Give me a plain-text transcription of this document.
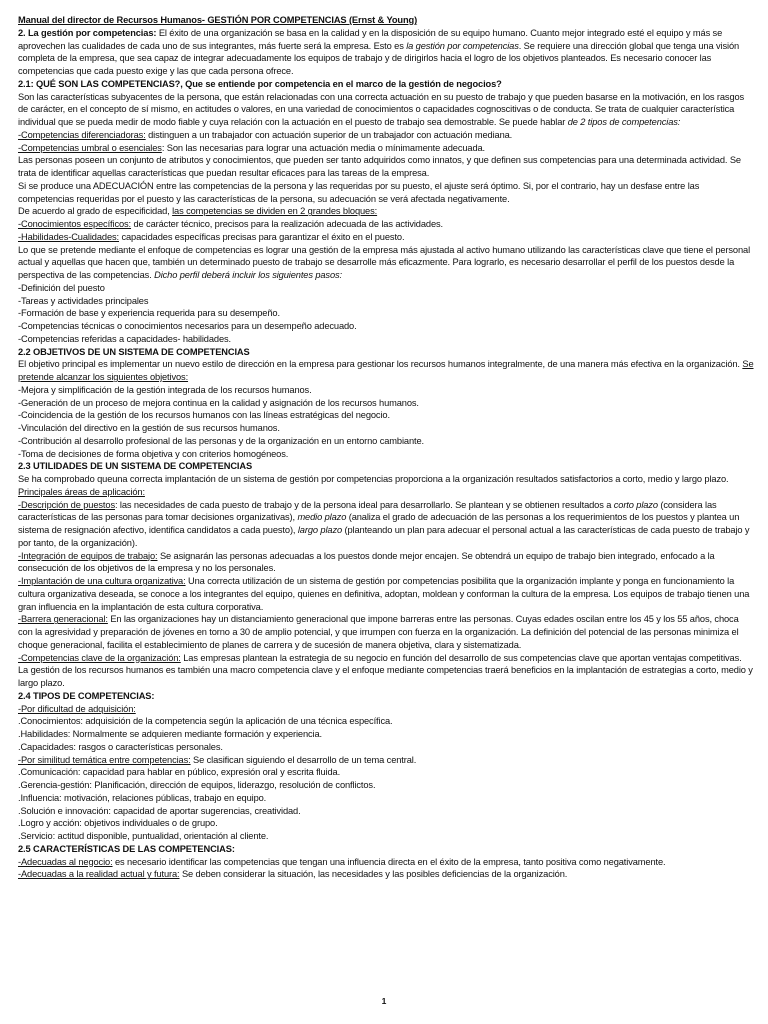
Manual del director de Recursos Humanos- GESTIÓN POR COMPETENCIAS (Ernst & Young)

2. La gestión por competencias: El éxito de una organización se basa en la calidad y en la disposición de su equipo humano. Cuanto mejor integrado esté el equipo y más se aprovechen las cualidades de cada uno de sus integrantes, más fuerte será la empresa. Esto es la gestión por competencias. Se requiere una dirección global que tenga una visión completa de la empresa, que sea capaz de integrar adecuadamente los equipos de trabajo y de dirigirlos hacia el logro de los objetivos planteados. Es necesario conocer las competencias que cada puesto exige y las que cada persona ofrece.

2.1: QUÉ SON LAS COMPETENCIAS?, Que se entiende por competencia en el marco de la gestión de negocios?

Son las características subyacentes de la persona, que están relacionadas con una correcta actuación en su puesto de trabajo y que pueden basarse en la motivación, en los rasgos de carácter, en el concepto de sí mismo, en actitudes o valores, en una variedad de conocimientos o capacidades cognoscitivas o de conducta. Se trata de cualquier característica individual que se pueda medir de modo fiable y cuya relación con la actuación en el puesto de trabajo sea demostrable. Se puede hablar de 2 tipos de competencias:

-Competencias diferenciadoras: distinguen a un trabajador con actuación superior de un trabajador con actuación mediana.

-Competencias umbral o esenciales: Son las necesarias para lograr una actuación media o mínimamente adecuada.

Las personas poseen un conjunto de atributos y conocimientos, que pueden ser tanto adquiridos como innatos, y que definen sus competencias para una determinada actividad. Se trata de identificar aquellas características que puedan resultar eficaces para las tareas de la empresa.

Si se produce una ADECUACIÓN entre las competencias de la persona y las requeridas por su puesto, el ajuste será óptimo. Si, por el contrario, hay un desfase entre las competencias requeridas por el puesto y las características de la persona, su adecuación se verá afectada negativamente.

De acuerdo al grado de especificidad, las competencias se dividen en 2 grandes bloques:

-Conocimientos específicos: de carácter técnico, precisos para la realización adecuada de las actividades.

-Habilidades-Cualidades: capacidades específicas precisas para garantizar el éxito en el puesto.

Lo que se pretende mediante el enfoque de competencias es lograr una gestión de la empresa más ajustada al activo humano utilizando las características clave que tiene el personal actual y aquellas que hacen que, también un determinado puesto de trabajo se desarrolle más eficazmente. Para lograrlo, es necesario desarrollar el perfil de los puestos desde la perspectiva de las competencias. Dicho perfil deberá incluir los siguientes pasos:

-Definición del puesto

-Tareas y actividades principales

-Formación de base y experiencia requerida para su desempeño.

-Competencias técnicas o conocimientos necesarios para un desempeño adecuado.

-Competencias referidas a capacidades- habilidades.

2.2 OBJETIVOS DE UN SISTEMA DE COMPETENCIAS

El objetivo principal es implementar un nuevo estilo de dirección en la empresa para gestionar los recursos humanos integralmente, de una manera más efectiva en la organización. Se pretende alcanzar los siguientes objetivos:

-Mejora y simplificación de la gestión integrada de los recursos humanos.

-Generación de un proceso de mejora continua en la calidad y asignación de los recursos humanos.

-Coincidencia de la gestión de los recursos humanos con las líneas estratégicas del negocio.

-Vinculación del directivo en la gestión de sus recursos humanos.

-Contribución al desarrollo profesional de las personas y de la organización en un entorno cambiante.

-Toma de decisiones de forma objetiva y con criterios homogéneos.

2.3 UTILIDADES DE UN SISTEMA DE COMPETENCIAS

Se ha comprobado queuna correcta implantación de un sistema de gestión por competencias proporciona a la organización resultados satisfactorios a corto, medio y largo plazo. Principales áreas de aplicación:

-Descripción de puestos: las necesidades de cada puesto de trabajo y de la persona ideal para desarrollarlo. Se plantean y se obtienen resultados a corto plazo (considera las características de las personas para tomar decisiones organizativas), medio plazo (analiza el grado de adecuación de las personas a los requerimientos de los puestos y plantea un sistema de resignación afectivo, identifica candidatos a cada puesto), largo plazo (planteando un plan para adecuar el personal actual a las características de cada puesto de trabajo y por tanto, de la organización).

-Integración de equipos de trabajo: Se asignarán las personas adecuadas a los puestos donde mejor encajen. Se obtendrá un equipo de trabajo bien integrado, enfocado a la consecución de los objetivos de la empresa y no los personales.

-Implantación de una cultura organizativa: Una correcta utilización de un sistema de gestión por competencias posibilita que la organización implante y ponga en funcionamiento la cultura organizativa deseada, se conoce a los integrantes del equipo, quienes en definitiva, adoptan, moldean y conforman la cultura de la empresa. Los equipos de trabajo tienen una gran influencia en la implantación de esta cultura corporativa.

-Barrera generacional: En las organizaciones hay un distanciamiento generacional que impone barreras entre las personas. Cuyas edades oscilan entre los 45 y los 55 años, choca con la agresividad y preparación de jóvenes en torno a 30 de amplio potencial, y que irrumpen con fuerza en la organización. La definición del potencial de las personas minimiza el choque generacional, facilita el establecimiento de planes de carrera y de sucesión de manera objetiva, clara y sistematizada.

-Competencias clave de la organización: Las empresas plantean la estrategia de su negocio en función del desarrollo de sus competencias clave que aportan ventajas competitivas. La gestión de los recursos humanos es también una macro competencia clave y el enfoque mediante competencias traerá beneficios en la implantación de estrategias a corto, medio y largo plazo.

2.4 TIPOS DE COMPETENCIAS:

-Por dificultad de adquisición:

.Conocimientos: adquisición de la competencia según la aplicación de una técnica específica.

.Habilidades: Normalmente se adquieren mediante formación y experiencia.

.Capacidades: rasgos o características personales.

-Por similitud temática entre competencias: Se clasifican siguiendo el desarrollo de un tema central.

.Comunicación: capacidad para hablar en público, expresión oral y escrita fluida.

.Gerencia-gestión: Planificación, dirección de equipos, liderazgo, resolución de conflictos.

.Influencia: motivación, relaciones públicas, trabajo en equipo.

.Solución e innovación: capacidad de aportar sugerencias, creatividad.

.Logro y acción: objetivos individuales o de grupo.

.Servicio: actitud disponible, puntualidad, orientación al cliente.

2.5 CARACTERÍSTICAS DE LAS COMPETENCIAS:

-Adecuadas al negocio: es necesario identificar las competencias que tengan una influencia directa en el éxito de la empresa, tanto positiva como negativamente.

-Adecuadas a la realidad actual y futura: Se deben considerar la situación, las necesidades y las posibles deficiencias de la organización.

1
